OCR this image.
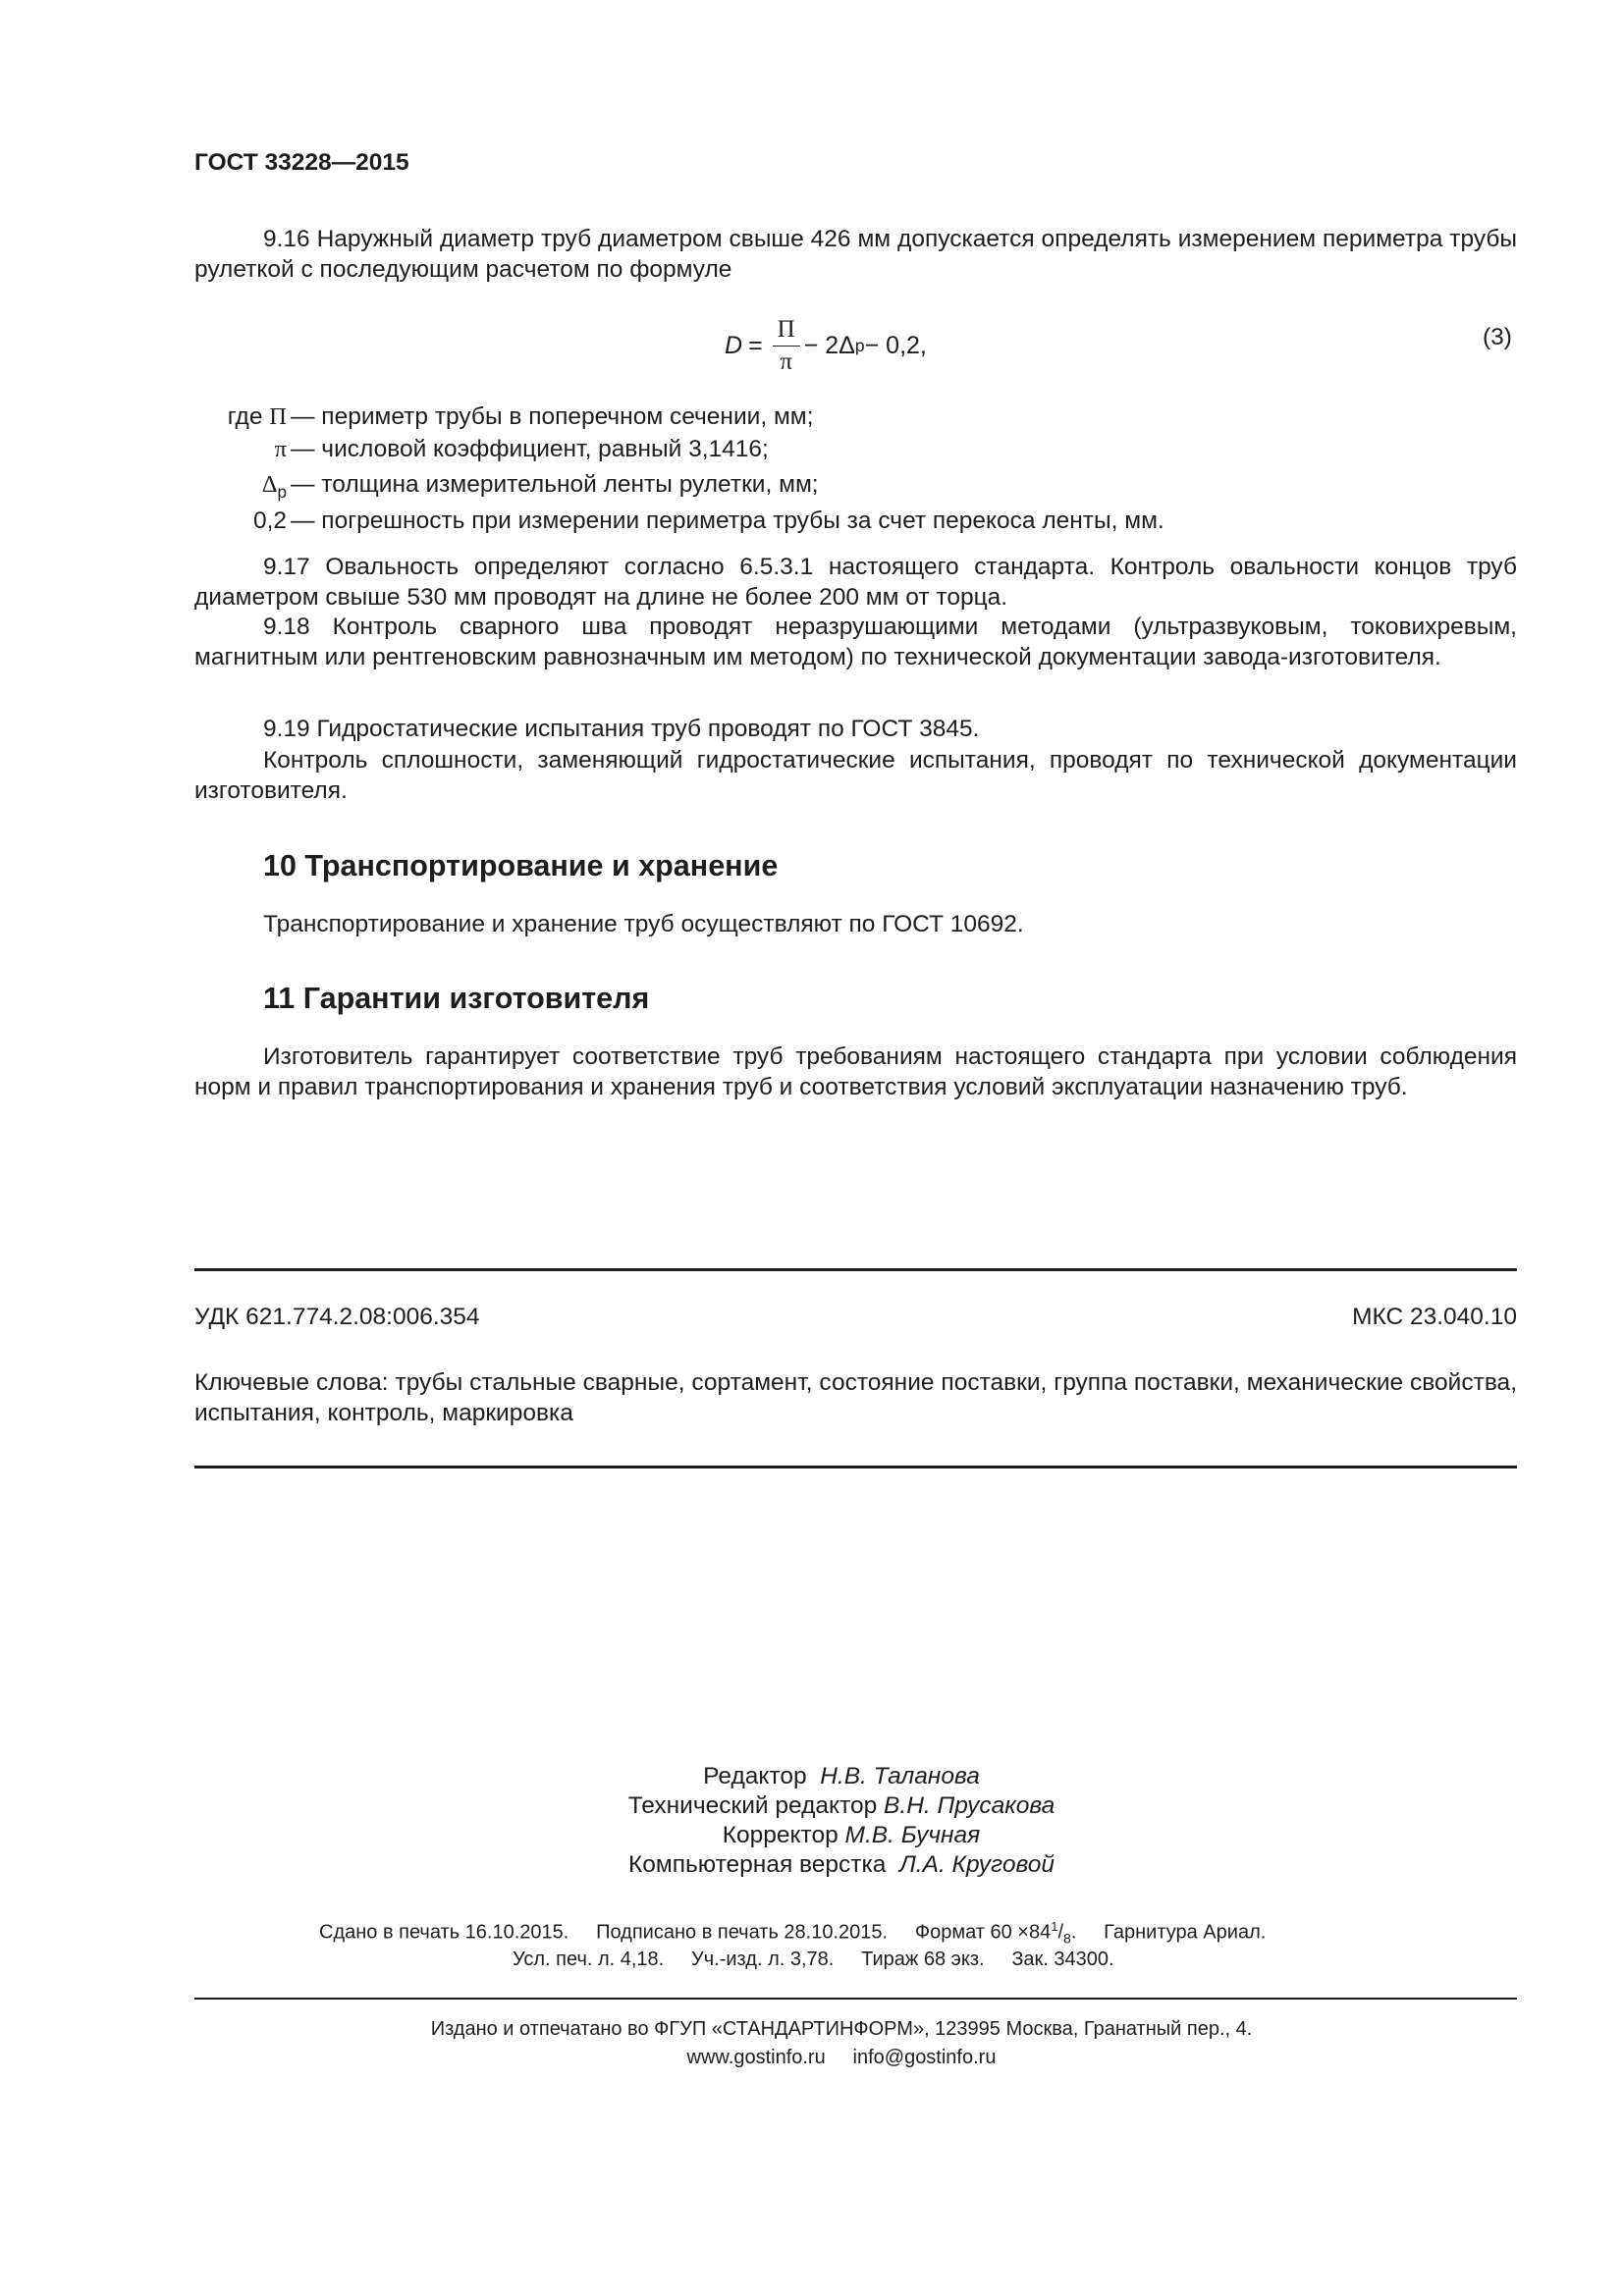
ГОСТ 33228—2015

9.16 Наружный диаметр труб диаметром свыше 426 мм допускается определять измерением периметра трубы рулеткой с последующим расчетом по формуле

$D = \frac{П}{\pi} - 2\Delta$ р − 0,2,	(3)
где П — периметр трубы в поперечном сечении, мм;
π — числовой коэффициент, равный 3,1416;
$\Delta_р$ — толщина измерительной ленты рулетки, мм;
0,2 — погрешность при измерении периметра трубы за счет перекоса ленты, мм.

9.17 Овальность определяют согласно 6.5.3.1 настоящего стандарта. Контроль овальности концов труб диаметром свыше 530 мм проводят на длине не более 200 мм от торца.

9.18 Контроль сварного шва проводят неразрушающими методами (ультразвуковым, токовихревым, магнитным или рентгеновским равнозначным им методом) по технической документации завода-изготовителя.

9.19 Гидростатические испытания труб проводят по ГОСТ 3845.

Контроль сплошности, заменяющий гидростатические испытания, проводят по технической документации изготовителя.

10 Транспортирование и хранение

Транспортирование и хранение труб осуществляют по ГОСТ 10692.

11 Гарантии изготовителя

Изготовитель гарантирует соответствие труб требованиям настоящего стандарта при условии соблюдения норм и правил транспортирования и хранения труб и соответствия условий эксплуатации назначению труб.

УДК 621.774.2.08:006.354	МКС 23.040.10

Ключевые слова: трубы стальные сварные, сортамент, состояние поставки, группа поставки, механические свойства, испытания, контроль, маркировка

Редактор Н.В. Таланова
Технический редактор В.Н. Прусакова
Корректор М.В. Бучная
Компьютерная верстка Л.А. Круговой
Сдано в печать 16.10.2015. Подписано в печать 28.10.2015. Формат $60 \times 84^1/_8$. Гарнитура Ариал.
Усл. печ. л. 4,18. Уч.-изд. л. 3,78. Тираж 68 экз. Зак. 34300.
Издано и отпечатано во ФГУП «СТАНДАРТИНФОРМ», 123995 Москва, Гранатный пер., 4.
www.gostinfo.ru info@gostinfo.ru
